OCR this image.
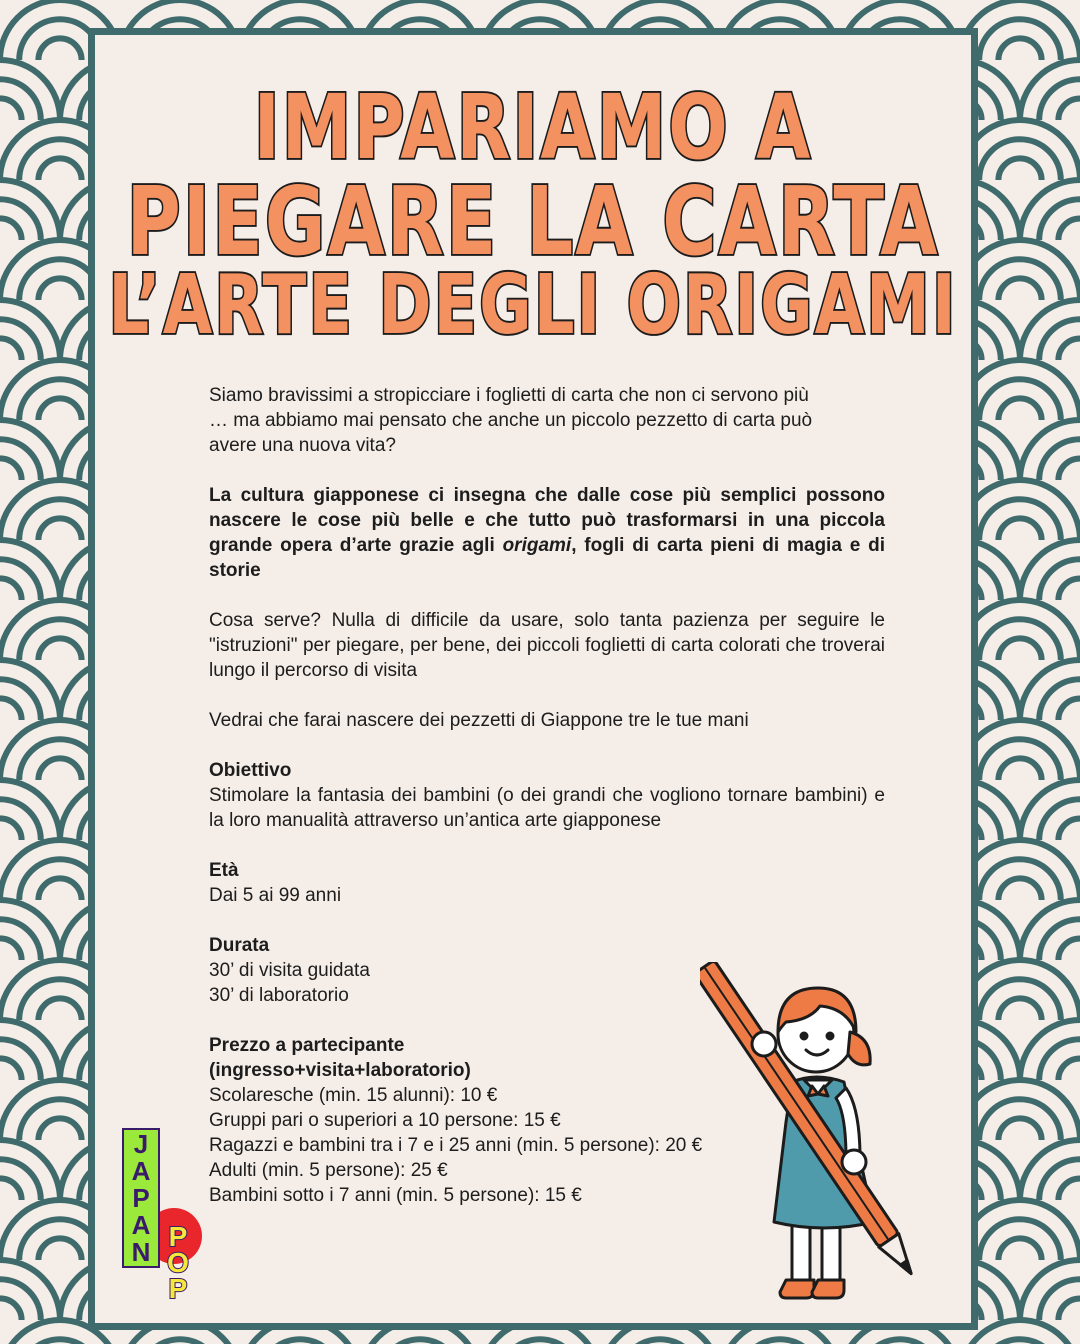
IMPARIAMO A
PIEGARE LA CARTA
L’ARTE DEGLI ORIGAMI
Siamo bravissimi a stropicciare i foglietti di carta che non ci servono più
… ma abbiamo mai pensato che anche un piccolo pezzetto di carta può
avere una nuova vita?

La cultura giapponese ci insegna che dalle cose più semplici possono nascere le cose più belle e che tutto può trasformarsi in una piccola grande opera d’arte grazie agli origami, fogli di carta pieni di magia e di storie

Cosa serve? Nulla di difficile da usare, solo tanta pazienza per seguire le "istruzioni" per piegare, per bene, dei piccoli foglietti di carta colorati che troverai lungo il percorso di visita

Vedrai che farai nascere dei pezzetti di Giappone tre le tue mani

Obiettivo

Stimolare la fantasia dei bambini (o dei grandi che vogliono tornare bambini) e la loro manualità attraverso un’antica arte giapponese

Età
Dai 5 ai 99 anni
Durata
30’ di visita guidata
30’ di laboratorio
Prezzo a partecipante
(ingresso+visita+laboratorio)
Scolaresche (min. 15 alunni): 10 €
Gruppi pari o superiori a 10 persone: 15 €
Ragazzi e bambini tra i 7 e i 25 anni (min. 5 persone): 20 €
Adulti (min. 5 persone): 25 €
Bambini sotto i 7 anni (min. 5 persone): 15 €
J
A
P
A
N
P
O
P
